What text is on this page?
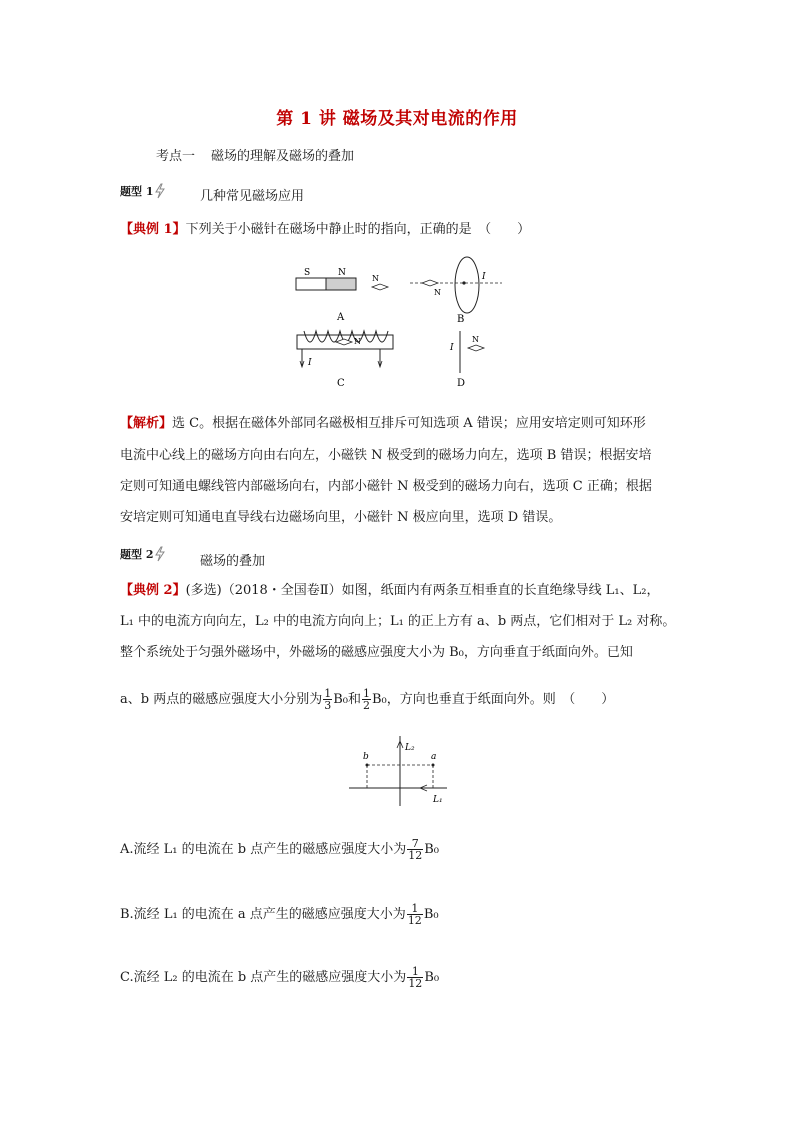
第 1 讲 磁场及其对电流的作用
考点一 磁场的理解及磁场的叠加
题型 1	几种常见磁场应用
【典例 1】下列关于小磁针在磁场中静止时的指向，正确的是　（　　）
S	N
N
A
N
I
B
N
I
C
I
N
D
【解析】选 C。根据在磁体外部同名磁极相互排斥可知选项 A 错误；应用安培定则可知环形
电流中心线上的磁场方向由右向左，小磁铁 N 极受到的磁场力向左，选项 B 错误；根据安培
定则可知通电螺线管内部磁场向右，内部小磁针 N 极受到的磁场力向右，选项 C 正确；根据
安培定则可知通电直导线右边磁场向里，小磁针 N 极应向里，选项 D 错误。
题型 2	磁场的叠加
【典例 2】(多选)（2018・全国卷Ⅱ）如图，纸面内有两条互相垂直的长直绝缘导线 L₁、L₂，
L₁ 中的电流方向向左，L₂ 中的电流方向向上；L₁ 的正上方有 a、b 两点，它们相对于 L₂ 对称。
整个系统处于匀强外磁场中，外磁场的磁感应强度大小为 B₀，方向垂直于纸面向外。已知
a、b 两点的磁感应强度大小分别为 $\frac{1}{3} B_0$和 $\frac{1}{2} B_0$，方向也垂直于纸面向外。则　（　　）
b	a
L₂
L₁
A.流经 L₁ 的电流在 b 点产生的磁感应强度大小为 $\frac{7}{12} B_0$
B.流经 L₁ 的电流在 a 点产生的磁感应强度大小为 $\frac{1}{12} B_0$
C.流经 L₂ 的电流在 b 点产生的磁感应强度大小为 $\frac{1}{12} B_0$
